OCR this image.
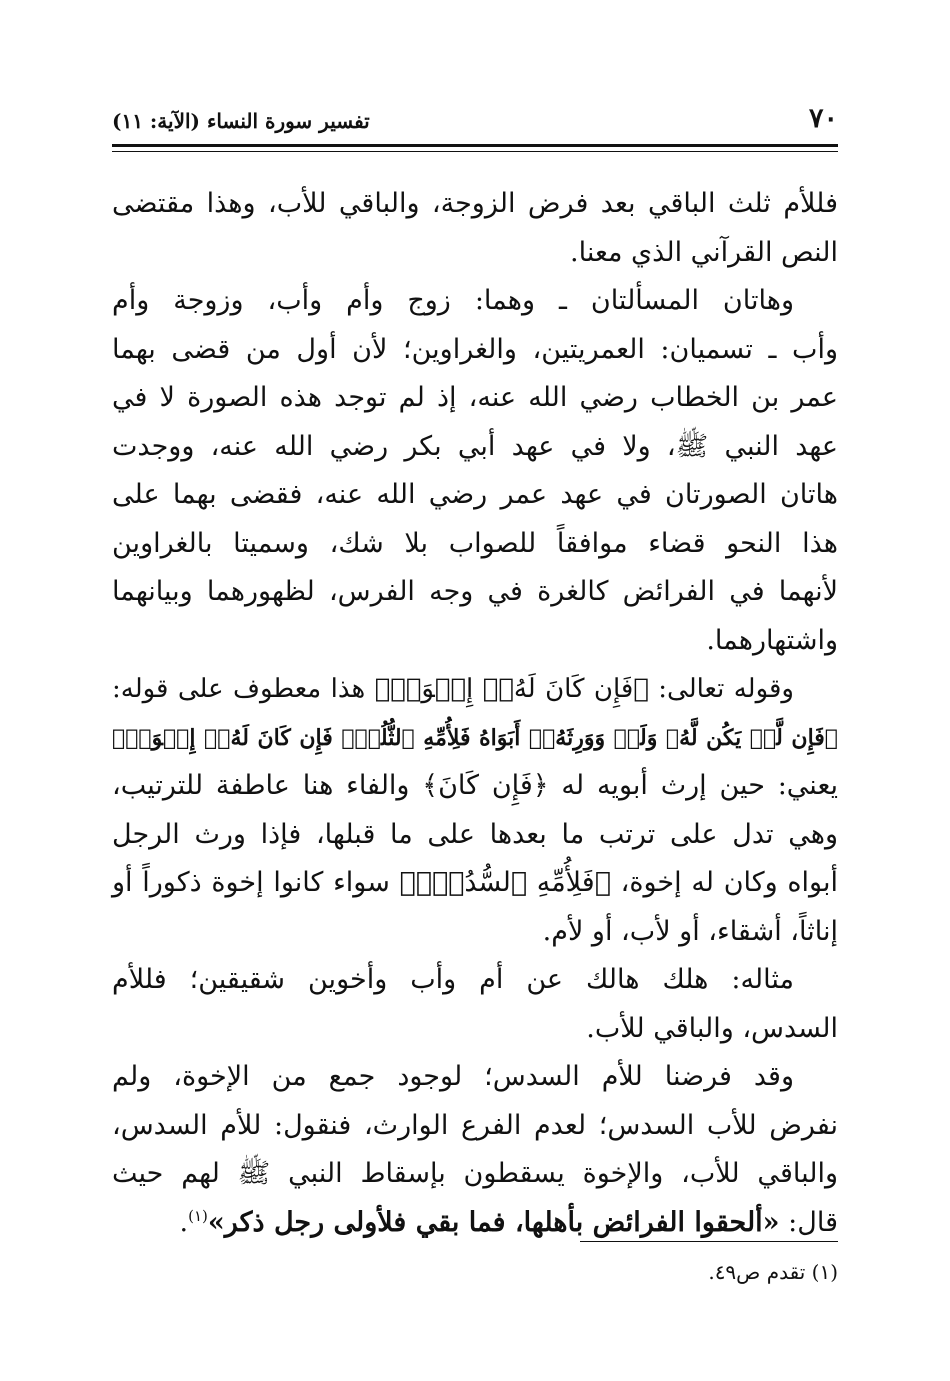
٧٠
تفسير سورة النساء (الآية: ١١)

فللأم ثلث الباقي بعد فرض الزوجة، والباقي للأب، وهذا مقتضى
النص القرآني الذي معنا.

وهاتان المسألتان ـ وهما: زوج وأم وأب، وزوجة وأم
وأب ـ تسميان: العمريتين، والغراوين؛ لأن أول من قضى بهما
عمر بن الخطاب رضي الله عنه، إذ لم توجد هذه الصورة لا في
عهد النبي ﷺ، ولا في عهد أبي بكر رضي الله عنه، ووجدت
هاتان الصورتان في عهد عمر رضي الله عنه، فقضى بهما على
هذا النحو قضاء موافقاً للصواب بلا شك، وسميتا بالغراوين
لأنهما في الفرائض كالغرة في وجه الفرس، لظهورهما وبيانهما
واشتهارهما.

وقوله تعالى: ﴿فَإِن كَانَ لَهُۥٓ إِخۡوَةٞ﴾ هذا معطوف على قوله:
﴿فَإِن لَّمۡ يَكُن لَّهُۥ وَلَدٞ وَوَرِثَهُۥٓ أَبَوَاهُ فَلِأُمِّهِ ٱلثُّلُثُۚ فَإِن كَانَ لَهُۥٓ إِخۡوَةٞ﴾
يعني: حين إرث أبويه له ﴿فَإِن كَانَ﴾ والفاء هنا عاطفة للترتيب،
وهي تدل على ترتب ما بعدها على ما قبلها، فإذا ورث الرجل
أبواه وكان له إخوة، ﴿فَلِأُمِّهِ ٱلسُّدُسُۚ﴾ سواء كانوا إخوة ذكوراً أو
إناثاً، أشقاء، أو لأب، أو لأم.

مثاله: هلك هالك عن أم وأب وأخوين شقيقين؛ فللأم
السدس، والباقي للأب.

وقد فرضنا للأم السدس؛ لوجود جمع من الإخوة، ولم
نفرض للأب السدس؛ لعدم الفرع الوارث، فنقول: للأم السدس،
والباقي للأب، والإخوة يسقطون بإسقاط النبي ﷺ لهم حيث
قال: «ألحقوا الفرائض بأهلها، فما بقي فلأولى رجل ذكر»$^{(١)}$.

(١) تقدم ص٤٩.
